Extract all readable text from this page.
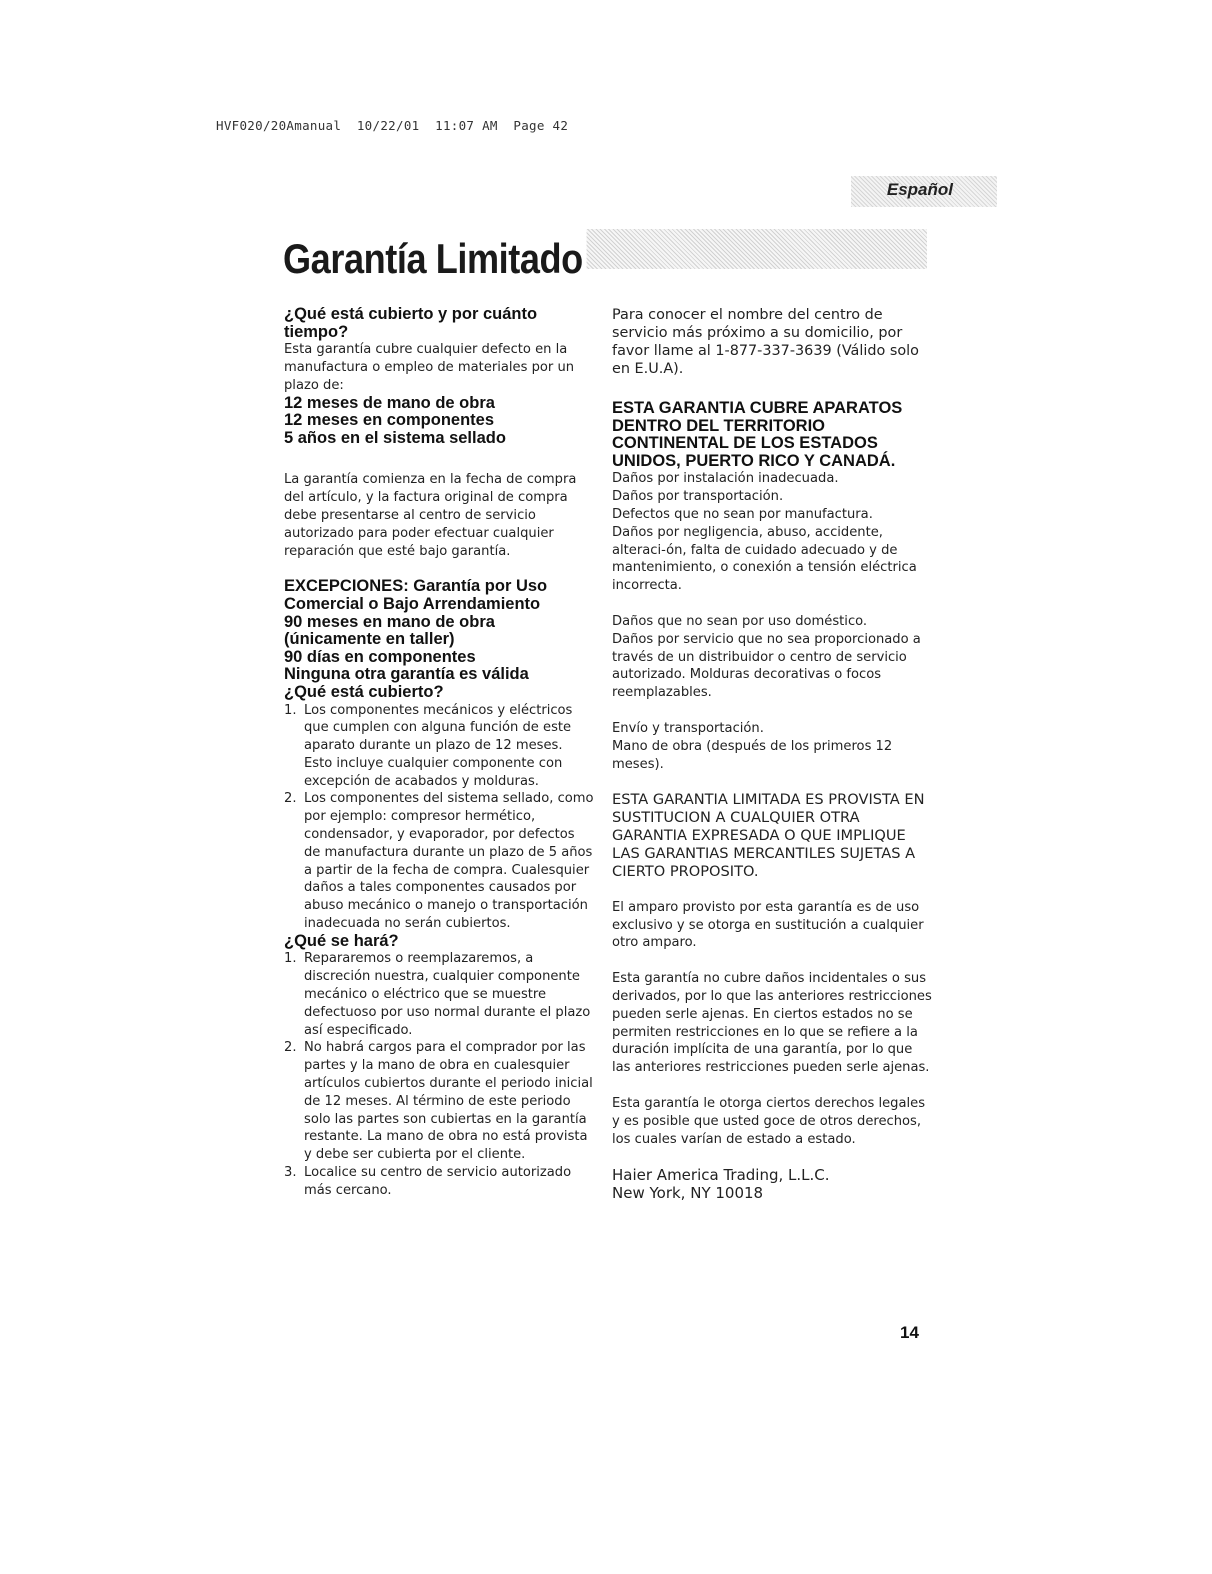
HVF020/20Amanual  10/22/01  11:07 AM  Page 42
Español
Garantía Limitado

¿Qué está cubierto y por cuánto tiempo?

Esta garantía cubre cualquier defecto en la manufactura o empleo de materiales por un plazo de:

12 meses de mano de obra

12 meses en componentes

5 años en el sistema sellado

La garantía comienza en la fecha de compra del artículo, y la factura original de compra debe presentarse al centro de servicio autorizado para poder efectuar cualquier reparación que esté bajo garantía.

EXCEPCIONES: Garantía por Uso Comercial o Bajo Arrendamiento

90 meses en mano de obra (únicamente en taller)

90 días en componentes

Ninguna otra garantía es válida

¿Qué está cubierto?

1. Los componentes mecánicos y eléctricos que cumplen con alguna función de este aparato durante un plazo de 12 meses. Esto incluye cualquier componente con excepción de acabados y molduras.
2. Los componentes del sistema sellado, como por ejemplo: compresor hermético, condensador, y evaporador, por defectos de manufactura durante un plazo de 5 años a partir de la fecha de compra. Cualesquier daños a tales componentes causados por abuso mecánico o manejo o transportación inadecuada no serán cubiertos.

¿Qué se hará?

1. Repararemos o reemplazaremos, a discreción nuestra, cualquier componente mecánico o eléctrico que se muestre defectuoso por uso normal durante el plazo así especificado.
2. No habrá cargos para el comprador por las partes y la mano de obra en cualesquier artículos cubiertos durante el periodo inicial de 12 meses. Al término de este periodo solo las partes son cubiertas en la garantía restante. La mano de obra no está provista y debe ser cubierta por el cliente.
3. Localice su centro de servicio autorizado más cercano.

Para conocer el nombre del centro de servicio más próximo a su domicilio, por favor llame al 1-877-337-3639 (Válido solo en E.U.A).

ESTA GARANTIA CUBRE APARATOS DENTRO DEL TERRITORIO CONTINENTAL DE LOS ESTADOS UNIDOS, PUERTO RICO Y CANADÁ.

Daños por instalación inadecuada.

Daños por transportación.

Defectos que no sean por manufactura.

Daños por negligencia, abuso, accidente, alteraci-ón, falta de cuidado adecuado y de mantenimiento, o conexión a tensión eléctrica incorrecta.

Daños que no sean por uso doméstico.

Daños por servicio que no sea proporcionado a través de un distribuidor o centro de servicio autorizado. Molduras decorativas o focos reemplazables.

Envío y transportación.

Mano de obra (después de los primeros 12 meses).

ESTA GARANTIA LIMITADA ES PROVISTA EN SUSTITUCION A CUALQUIER OTRA GARANTIA EXPRESADA O QUE IMPLIQUE LAS GARANTIAS MERCANTILES SUJETAS A CIERTO PROPOSITO.

El amparo provisto por esta garantía es de uso exclusivo y se otorga en sustitución a cualquier otro amparo.

Esta garantía no cubre daños incidentales o sus derivados, por lo que las anteriores restricciones pueden serle ajenas. En ciertos estados no se permiten restricciones en lo que se refiere a la duración implícita de una garantía, por lo que las anteriores restricciones pueden serle ajenas.

Esta garantía le otorga ciertos derechos legales y es posible que usted goce de otros derechos, los cuales varían de estado a estado.

Haier America Trading, L.L.C.

New York, NY 10018

14
